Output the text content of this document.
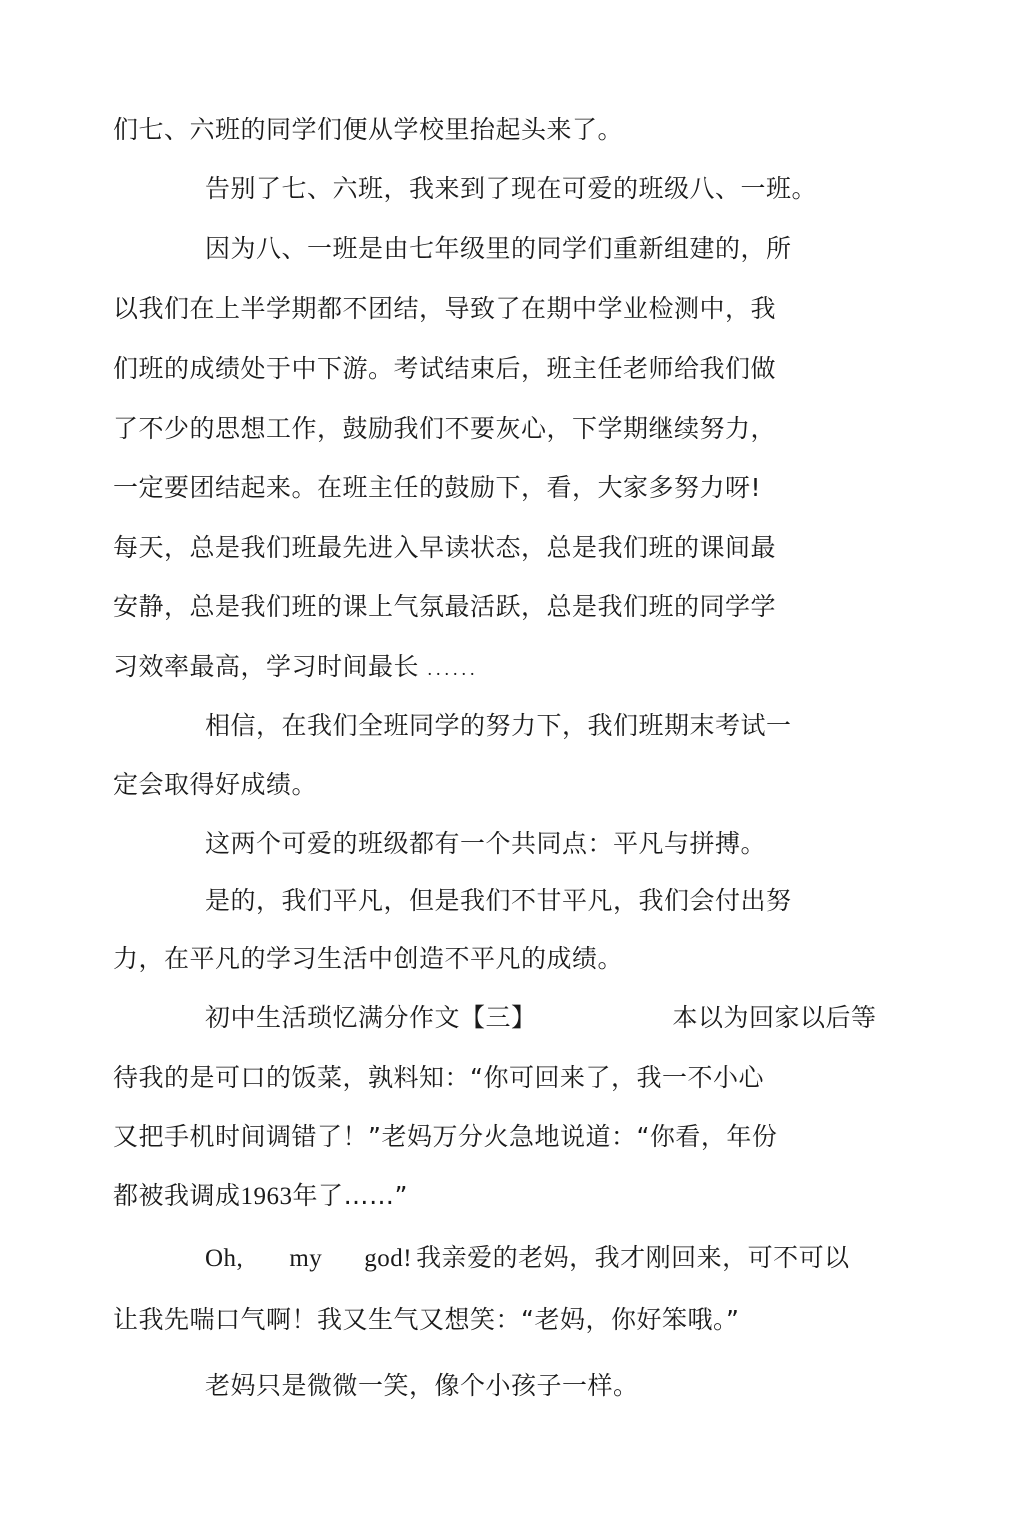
们七、六班的同学们便从学校里抬起头来了。
告别了七、六班，我来到了现在可爱的班级八、一班。
因为八、一班是由七年级里的同学们重新组建的，所
以我们在上半学期都不团结，导致了在期中学业检测中，我
们班的成绩处于中下游。考试结束后，班主任老师给我们做
了不少的思想工作，鼓励我们不要灰心，下学期继续努力，
一定要团结起来。在班主任的鼓励下，看，大家多努力呀!
每天，总是我们班最先进入早读状态，总是我们班的课间最
安静，总是我们班的课上气氛最活跃，总是我们班的同学学
习效率最高，学习时间最长 ......
相信，在我们全班同学的努力下，我们班期末考试一
定会取得好成绩。
这两个可爱的班级都有一个共同点：平凡与拼搏。
是的，我们平凡，但是我们不甘平凡，我们会付出努
力，在平凡的学习生活中创造不平凡的成绩。
初中生活琐忆满分作文【三】	本以为回家以后等
待我的是可口的饭菜，孰料知：“你可回来了，我一不小心
又把手机时间调错了！”老妈万分火急地说道：“你看，年份
都被我调成1963年了……”
Oh, my god! 我亲爱的老妈，我才刚回来，可不可以
让我先喘口气啊！我又生气又想笑：“老妈，你好笨哦。”
老妈只是微微一笑，像个小孩子一样。
